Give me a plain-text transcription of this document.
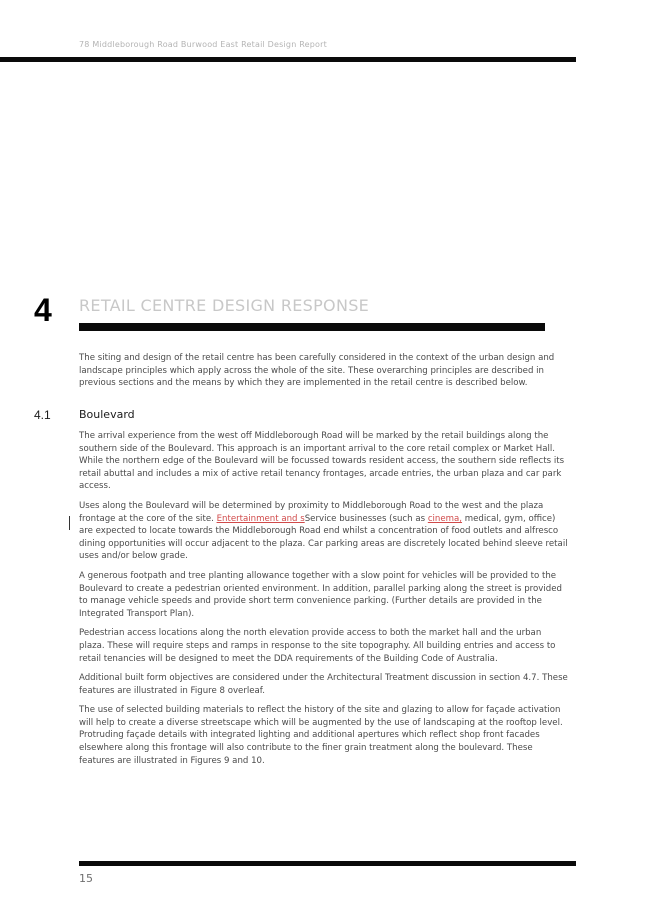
78 Middleborough Road Burwood East Retail Design Report
4 RETAIL CENTRE DESIGN RESPONSE

The siting and design of the retail centre has been carefully considered in the context of the urban design and landscape principles which apply across the whole of the site. These overarching principles are described in previous sections and the means by which they are implemented in the retail centre is described below.

4.1	Boulevard

The arrival experience from the west off Middleborough Road will be marked by the retail buildings along the southern side of the Boulevard. This approach is an important arrival to the core retail complex or Market Hall. While the northern edge of the Boulevard will be focussed towards resident access, the southern side reflects its retail abuttal and includes a mix of active retail tenancy frontages, arcade entries, the urban plaza and car park access.

Uses along the Boulevard will be determined by proximity to Middleborough Road to the west and the plaza frontage at the core of the site. Entertainment and sService businesses (such as cinema, medical, gym, office) are expected to locate towards the Middleborough Road end whilst a concentration of food outlets and alfresco dining opportunities will occur adjacent to the plaza. Car parking areas are discretely located behind sleeve retail uses and/or below grade.

A generous footpath and tree planting allowance together with a slow point for vehicles will be provided to the Boulevard to create a pedestrian oriented environment. In addition, parallel parking along the street is provided to manage vehicle speeds and provide short term convenience parking. (Further details are provided in the Integrated Transport Plan).

Pedestrian access locations along the north elevation provide access to both the market hall and the urban plaza. These will require steps and ramps in response to the site topography. All building entries and access to retail tenancies will be designed to meet the DDA requirements of the Building Code of Australia.

Additional built form objectives are considered under the Architectural Treatment discussion in section 4.7. These features are illustrated in Figure 8 overleaf.

The use of selected building materials to reflect the history of the site and glazing to allow for façade activation will help to create a diverse streetscape which will be augmented by the use of landscaping at the rooftop level. Protruding façade details with integrated lighting and additional apertures which reflect shop front facades elsewhere along this frontage will also contribute to the finer grain treatment along the boulevard. These features are illustrated in Figures 9 and 10.

15
